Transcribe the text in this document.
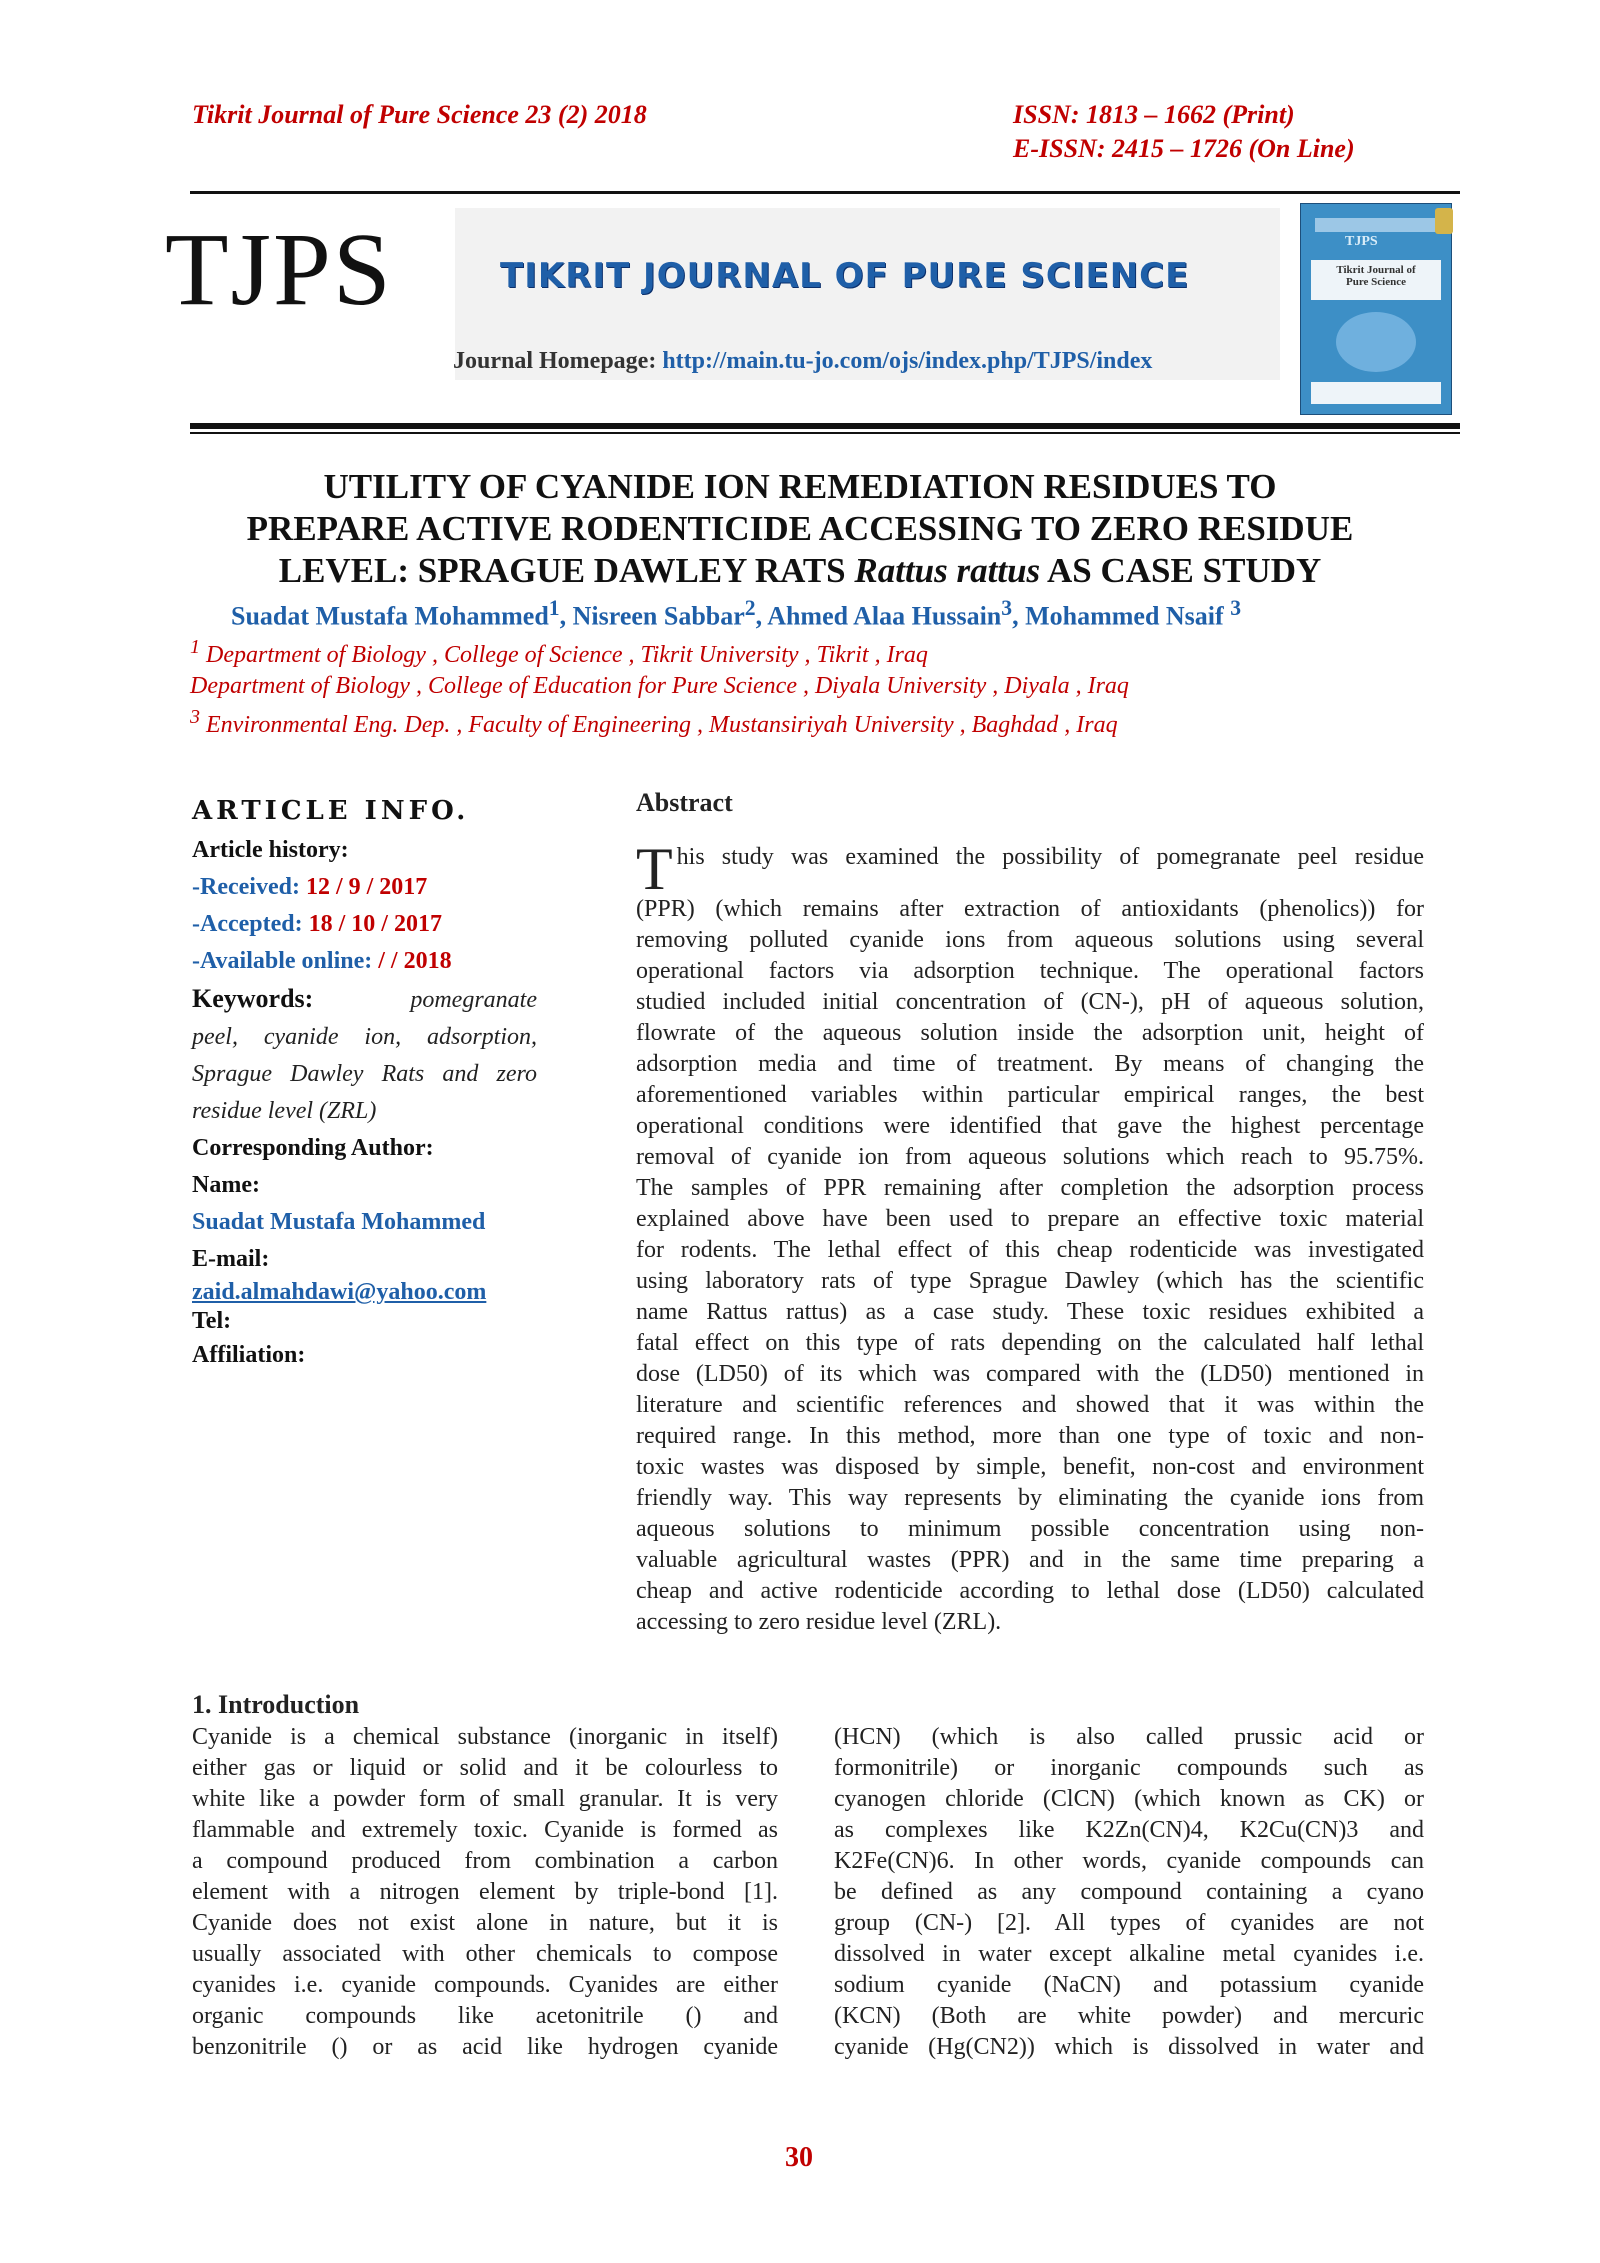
Tikrit Journal of Pure Science 23 (2) 2018	ISSN: 1813 – 1662 (Print)
E-ISSN: 2415 – 1726 (On Line)
TJPS	TIKRIT JOURNAL OF PURE SCIENCE
Journal Homepage: http://main.tu-jo.com/ojs/index.php/TJPS/index
TJPS
Tikrit Journal of
Pure Science
UTILITY OF CYANIDE ION REMEDIATION RESIDUES TO
PREPARE ACTIVE RODENTICIDE ACCESSING TO ZERO RESIDUE
LEVEL: SPRAGUE DAWLEY RATS Rattus rattus AS CASE STUDY
Suadat Mustafa Mohammed$^1$, Nisreen Sabbar$^2$, Ahmed Alaa Hussain$^3$, Mohammed Nsaif $^3$
$^1$ Department of Biology , College of Science , Tikrit University , Tikrit , Iraq
Department of Biology , College of Education for Pure Science , Diyala University , Diyala , Iraq
$^3$ Environmental Eng. Dep. , Faculty of Engineering , Mustansiriyah University , Baghdad , Iraq
ARTICLE INFO.
Article history:
-Received: 12 / 9 / 2017
-Accepted: 18 / 10 / 2017
-Available online: / / 2018
Keywords:	pomegranate
peel, cyanide ion, adsorption,
Sprague Dawley Rats and zero
residue level (ZRL)
Corresponding Author:
Name:
Suadat Mustafa Mohammed
E-mail:
zaid.almahdawi@yahoo.com
Tel:
Affiliation:
Abstract
T his study was examined the possibility of pomegranate peel residue
(PPR) (which remains after extraction of antioxidants (phenolics)) for
removing polluted cyanide ions from aqueous solutions using several
operational factors via adsorption technique. The operational factors
studied included initial concentration of (CN-), pH of aqueous solution,
flowrate of the aqueous solution inside the adsorption unit, height of
adsorption media and time of treatment. By means of changing the
aforementioned variables within particular empirical ranges, the best
operational conditions were identified that gave the highest percentage
removal of cyanide ion from aqueous solutions which reach to 95.75%.
The samples of PPR remaining after completion the adsorption process
explained above have been used to prepare an effective toxic material
for rodents. The lethal effect of this cheap rodenticide was investigated
using laboratory rats of type Sprague Dawley (which has the scientific
name Rattus rattus) as a case study. These toxic residues exhibited a
fatal effect on this type of rats depending on the calculated half lethal
dose (LD50) of its which was compared with the (LD50) mentioned in
literature and scientific references and showed that it was within the
required range. In this method, more than one type of toxic and non-
toxic wastes was disposed by simple, benefit, non-cost and environment
friendly way. This way represents by eliminating the cyanide ions from
aqueous solutions to minimum possible concentration using non-
valuable agricultural wastes (PPR) and in the same time preparing a
cheap and active rodenticide according to lethal dose (LD50) calculated
accessing to zero residue level (ZRL).
1. Introduction
Cyanide is a chemical substance (inorganic in itself)
either gas or liquid or solid and it be colourless to
white like a powder form of small granular. It is very
flammable and extremely toxic. Cyanide is formed as
a compound produced from combination a carbon
element with a nitrogen element by triple-bond [1].
Cyanide does not exist alone in nature, but it is
usually associated with other chemicals to compose
cyanides i.e. cyanide compounds. Cyanides are either
organic compounds like acetonitrile () and
benzonitrile () or as acid like hydrogen cyanide
(HCN) (which is also called prussic acid or
formonitrile) or inorganic compounds such as
cyanogen chloride (ClCN) (which known as CK) or
as complexes like K2Zn(CN)4, K2Cu(CN)3 and
K2Fe(CN)6. In other words, cyanide compounds can
be defined as any compound containing a cyano
group (CN-) [2]. All types of cyanides are not
dissolved in water except alkaline metal cyanides i.e.
sodium cyanide (NaCN) and potassium cyanide
(KCN) (Both are white powder) and mercuric
cyanide (Hg(CN2)) which is dissolved in water and
30
